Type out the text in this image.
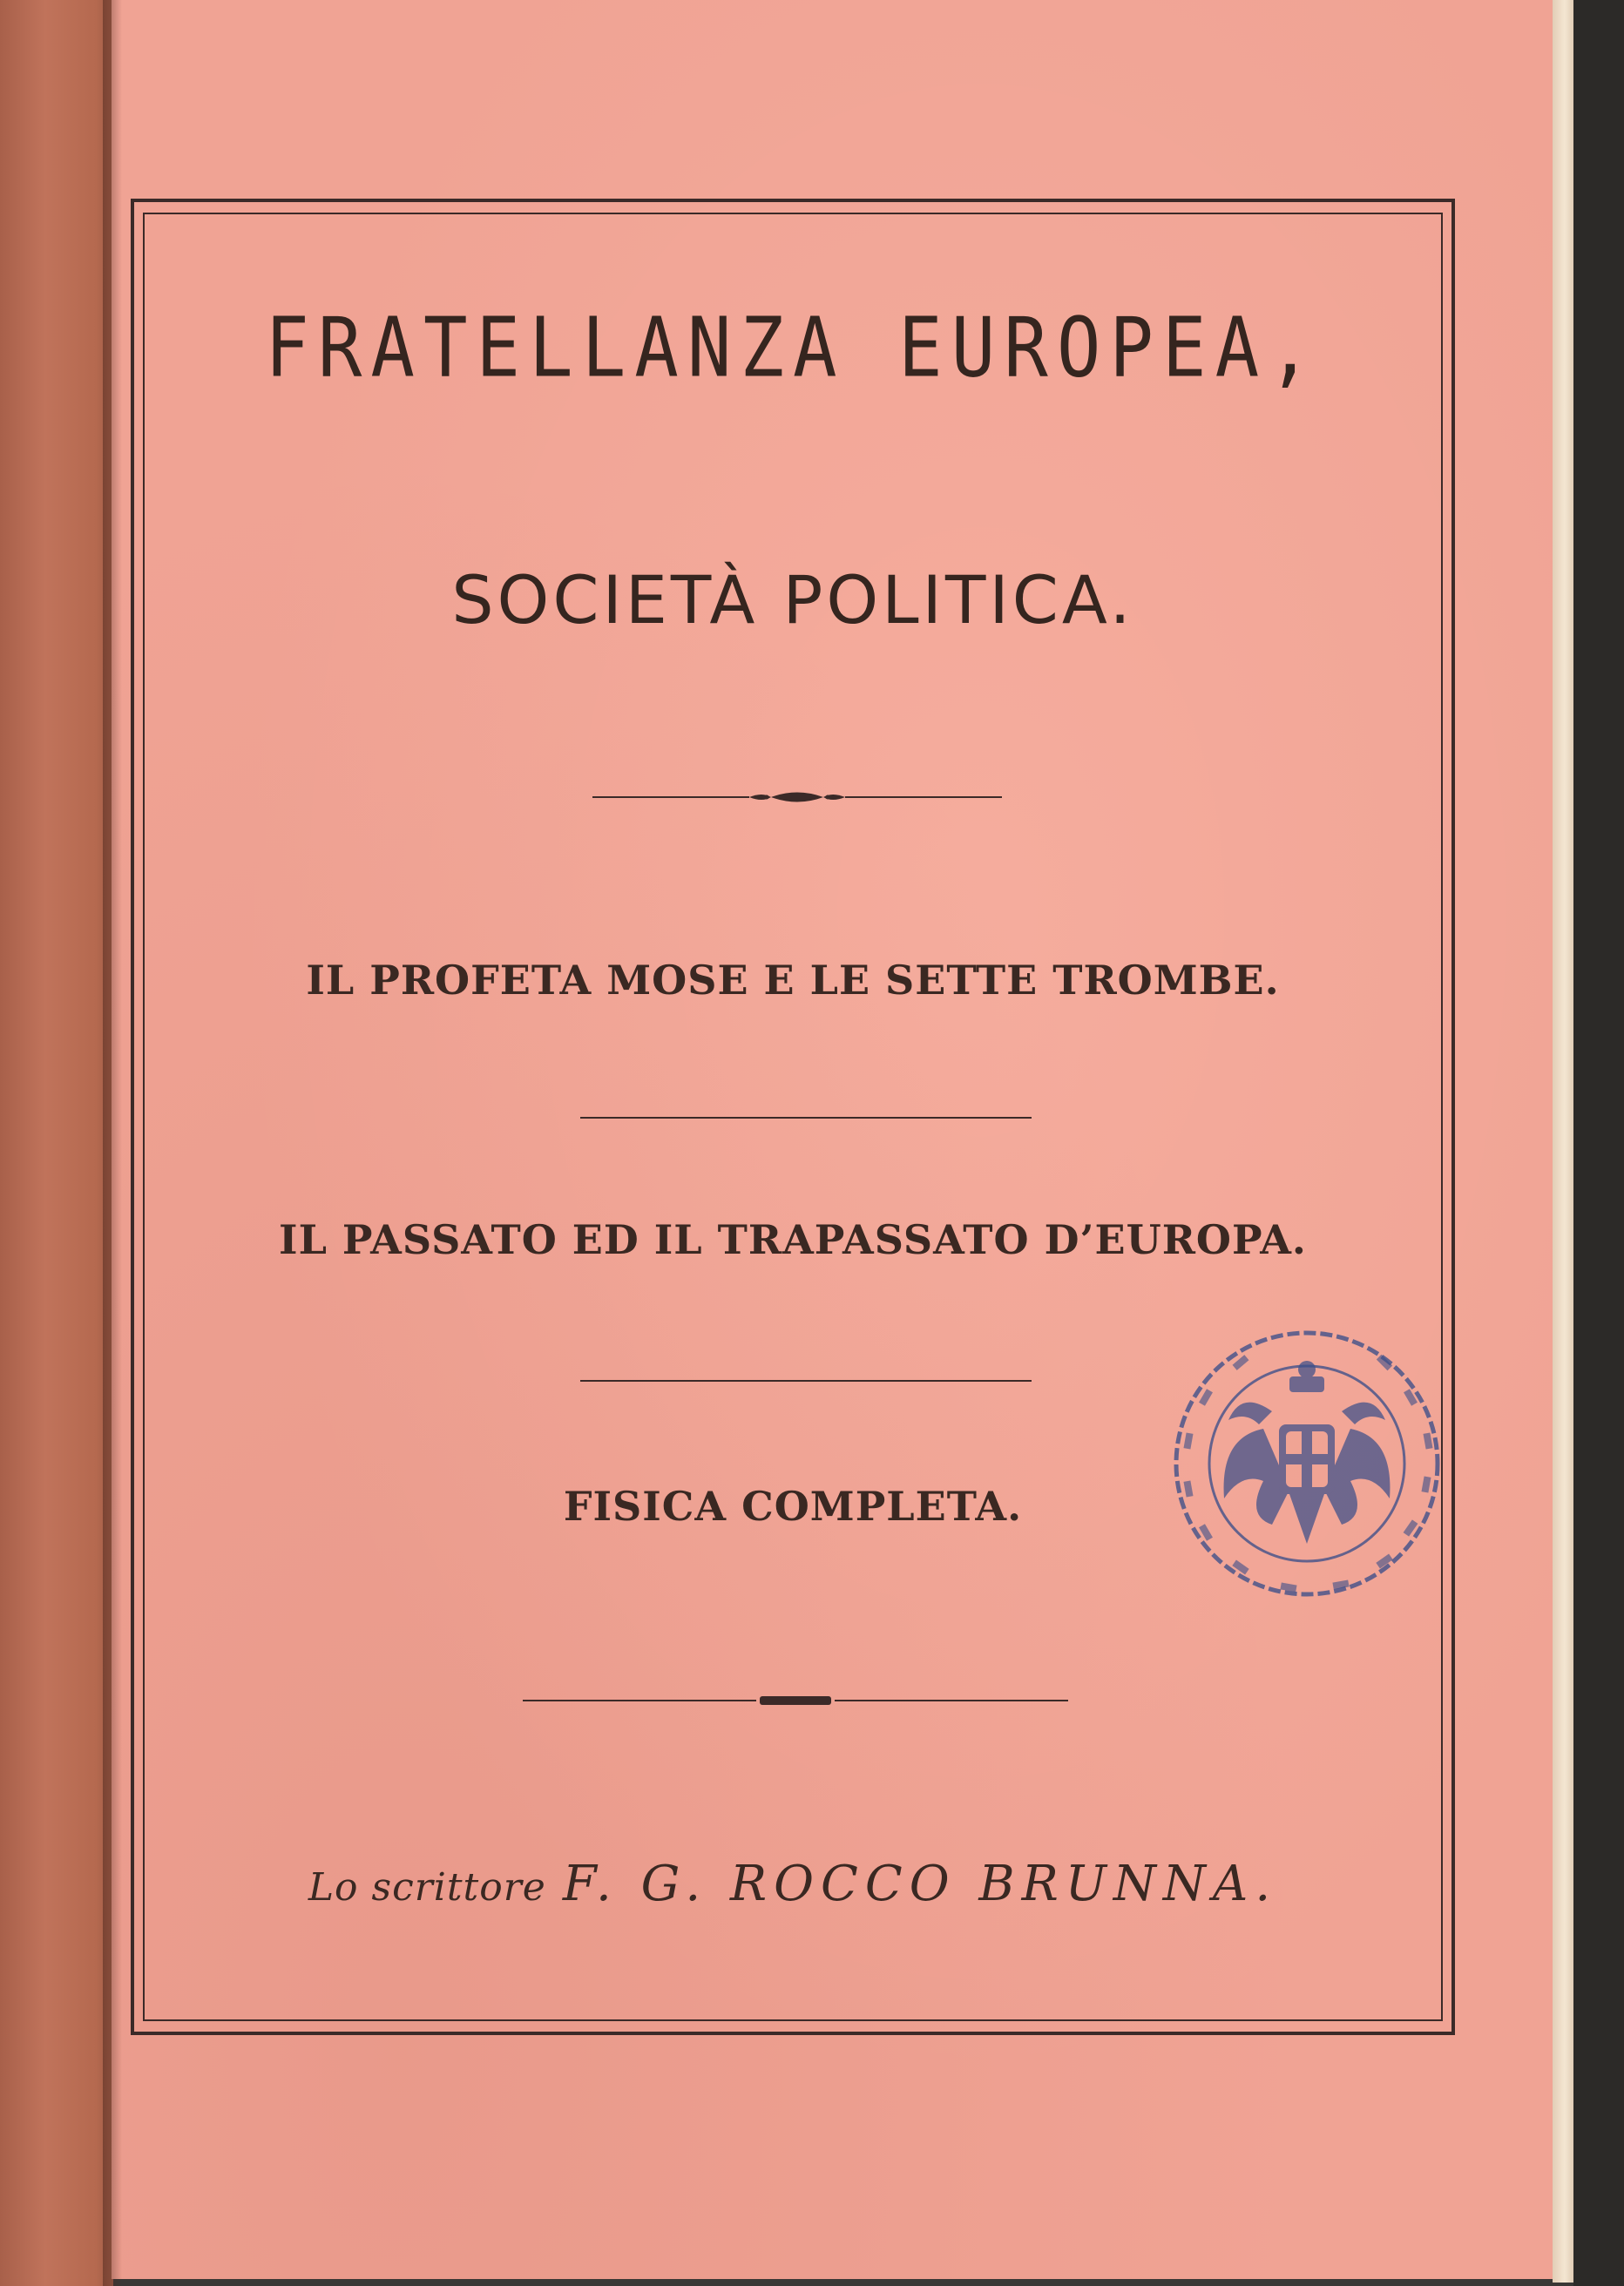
FRATELLANZA EUROPEA,
SOCIETÀ POLITICA.
IL PROFETA MOSE E LE SETTE TROMBE.
IL PASSATO ED IL TRAPASSATO D’EUROPA.
FISICA COMPLETA.
Lo scrittore F. G. ROCCO BRUNNA.
